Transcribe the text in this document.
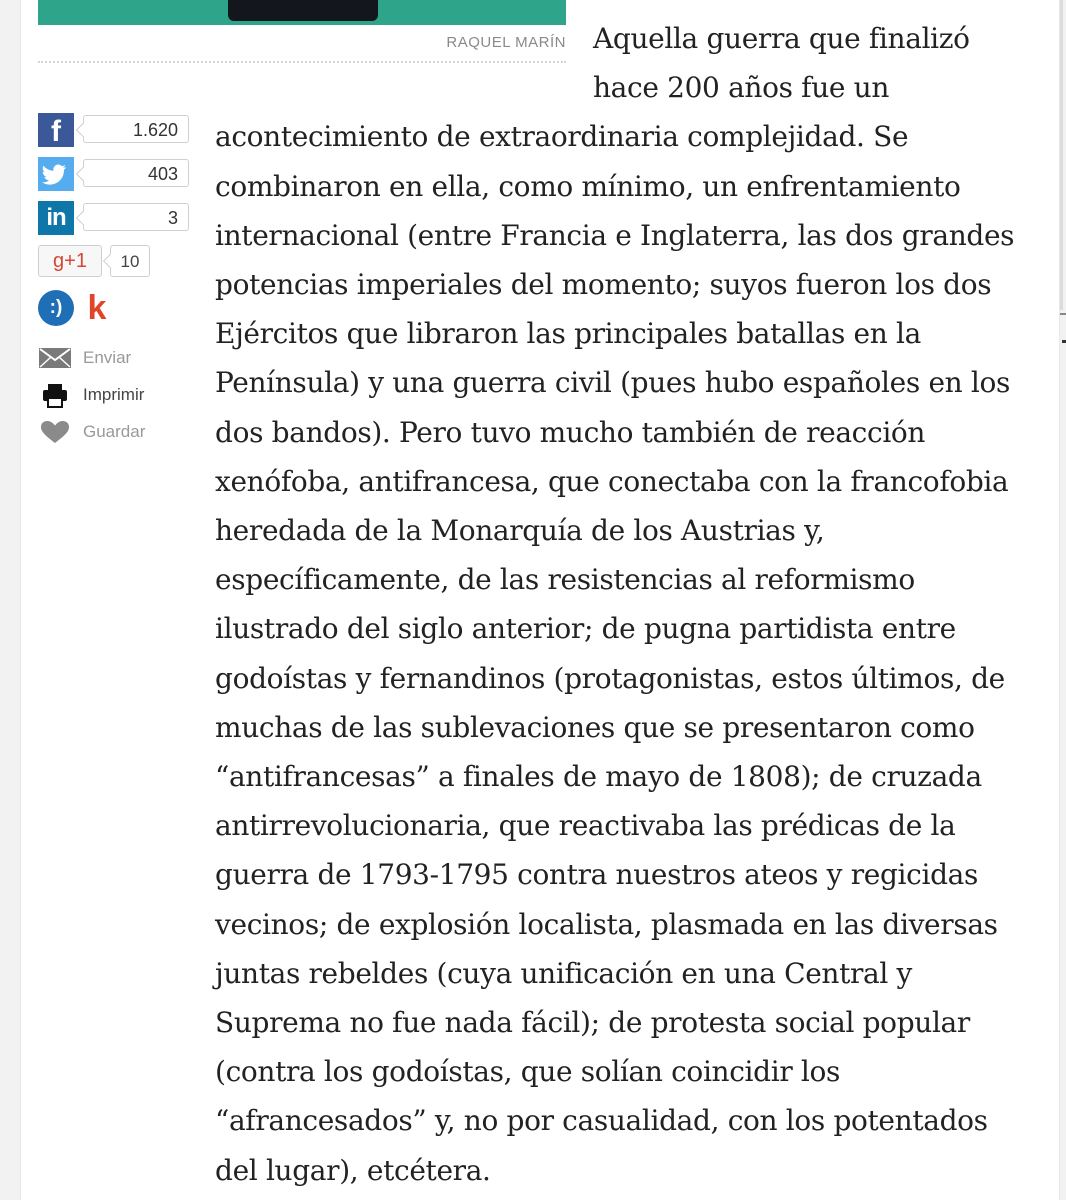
RAQUEL MARÍN
f	1.620
403
in	3
g+1	10
:) k
Enviar
Imprimir
Guardar
Aquella guerra que finalizó
hace 200 años fue un
acontecimiento de extraordinaria complejidad. Se
combinaron en ella, como mínimo, un enfrentamiento
internacional (entre Francia e Inglaterra, las dos grandes
potencias imperiales del momento; suyos fueron los dos
Ejércitos que libraron las principales batallas en la
Península) y una guerra civil (pues hubo españoles en los
dos bandos). Pero tuvo mucho también de reacción
xenófoba, antifrancesa, que conectaba con la francofobia
heredada de la Monarquía de los Austrias y,
específicamente, de las resistencias al reformismo
ilustrado del siglo anterior; de pugna partidista entre
godoístas y fernandinos (protagonistas, estos últimos, de
muchas de las sublevaciones que se presentaron como
“antifrancesas” a finales de mayo de 1808); de cruzada
antirrevolucionaria, que reactivaba las prédicas de la
guerra de 1793-1795 contra nuestros ateos y regicidas
vecinos; de explosión localista, plasmada en las diversas
juntas rebeldes (cuya unificación en una Central y
Suprema no fue nada fácil); de protesta social popular
(contra los godoístas, que solían coincidir los
“afrancesados” y, no por casualidad, con los potentados
del lugar), etcétera.
